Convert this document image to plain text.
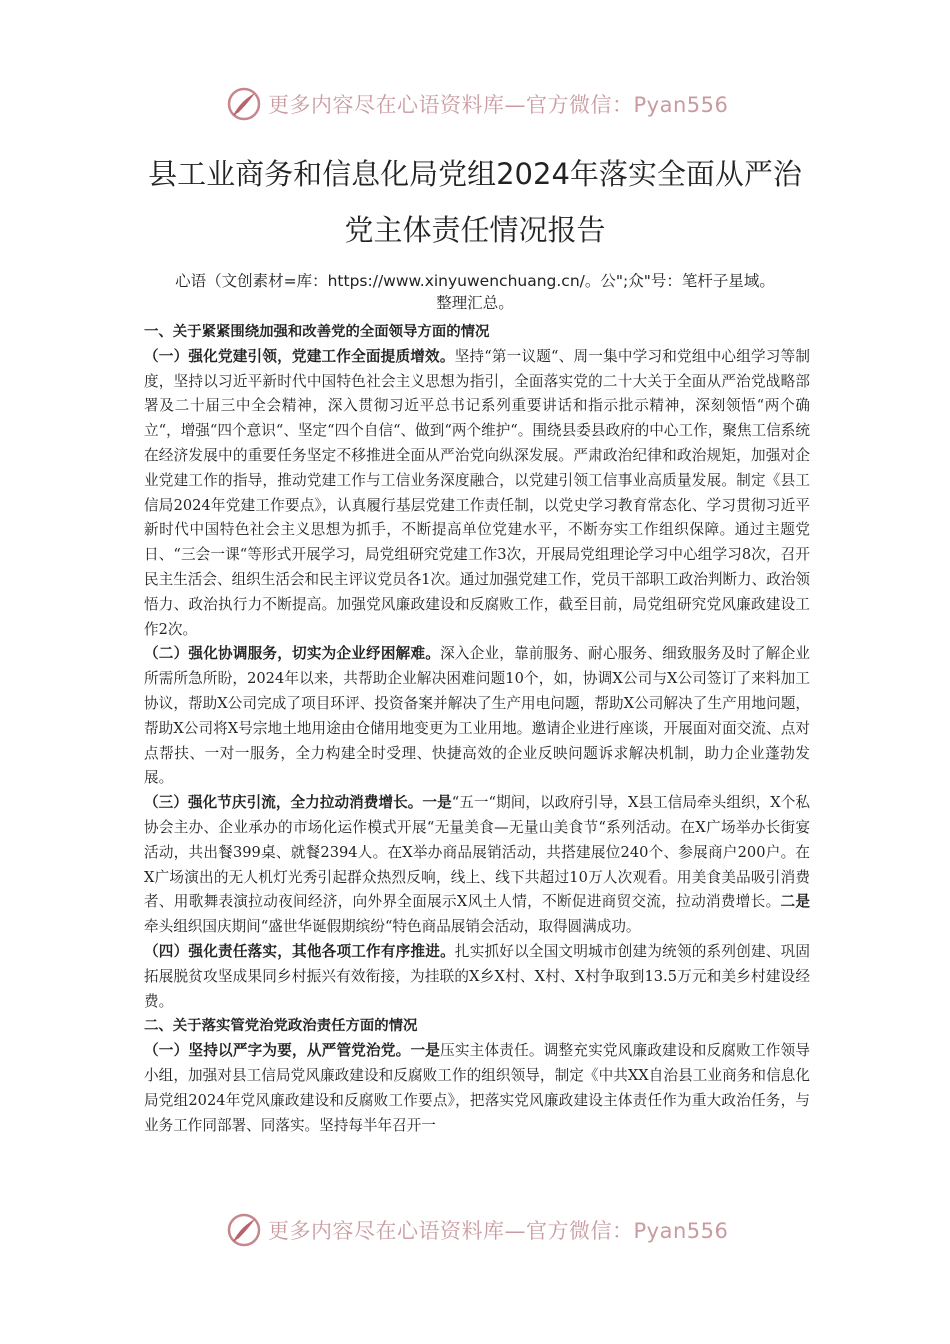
更多内容尽在心语资料库—官方微信：Pyan556
县工业商务和信息化局党组2024年落实全面从严治
党主体责任情况报告
心语（文创素材=库：https://www.xinyuwenchuang.cn/。公";众"号：笔杆子星域。
整理汇总。

一、关于紧紧围绕加强和改善党的全面领导方面的情况

（一）强化党建引领，党建工作全面提质增效。坚持“第一议题“、周一集中学习和党组中心组学习等制度，坚持以习近平新时代中国特色社会主义思想为指引，全面落实党的二十大关于全面从严治党战略部署及二十届三中全会精神，深入贯彻习近平总书记系列重要讲话和指示批示精神，深刻领悟“两个确立“，增强“四个意识“、坚定“四个自信“、做到“两个维护“。围绕县委县政府的中心工作，聚焦工信系统在经济发展中的重要任务坚定不移推进全面从严治党向纵深发展。严肃政治纪律和政治规矩，加强对企业党建工作的指导，推动党建工作与工信业务深度融合，以党建引领工信事业高质量发展。制定《县工信局2024年党建工作要点》，认真履行基层党建工作责任制，以党史学习教育常态化、学习贯彻习近平新时代中国特色社会主义思想为抓手，不断提高单位党建水平，不断夯实工作组织保障。通过主题党日、“三会一课“等形式开展学习，局党组研究党建工作3次，开展局党组理论学习中心组学习8次，召开民主生活会、组织生活会和民主评议党员各1次。通过加强党建工作，党员干部职工政治判断力、政治领悟力、政治执行力不断提高。加强党风廉政建设和反腐败工作，截至目前，局党组研究党风廉政建设工作2次。

（二）强化协调服务，切实为企业纾困解难。深入企业，靠前服务、耐心服务、细致服务及时了解企业所需所急所盼，2024年以来，共帮助企业解决困难问题10个，如，协调X公司与X公司签订了来料加工协议，帮助X公司完成了项目环评、投资备案并解决了生产用电问题，帮助X公司解决了生产用地问题，帮助X公司将X号宗地土地用途由仓储用地变更为工业用地。邀请企业进行座谈，开展面对面交流、点对点帮扶、一对一服务，全力构建全时受理、快捷高效的企业反映问题诉求解决机制，助力企业蓬勃发展。

（三）强化节庆引流，全力拉动消费增长。一是“五一“期间，以政府引导，X县工信局牵头组织，X个私协会主办、企业承办的市场化运作模式开展“无量美食—无量山美食节“系列活动。在X广场举办长街宴活动，共出餐399桌、就餐2394人。在X举办商品展销活动，共搭建展位240个、参展商户200户。在X广场演出的无人机灯光秀引起群众热烈反响，线上、线下共超过10万人次观看。用美食美品吸引消费者、用歌舞表演拉动夜间经济，向外界全面展示X风土人情，不断促进商贸交流，拉动消费增长。二是牵头组织国庆期间“盛世华诞假期缤纷“特色商品展销会活动，取得圆满成功。

（四）强化责任落实，其他各项工作有序推进。扎实抓好以全国文明城市创建为统领的系列创建、巩固拓展脱贫攻坚成果同乡村振兴有效衔接，为挂联的X乡X村、X村、X村争取到13.5万元和美乡村建设经费。

二、关于落实管党治党政治责任方面的情况

（一）坚持以严字为要，从严管党治党。一是压实主体责任。调整充实党风廉政建设和反腐败工作领导小组，加强对县工信局党风廉政建设和反腐败工作的组织领导，制定《中共XX自治县工业商务和信息化局党组2024年党风廉政建设和反腐败工作要点》，把落实党风廉政建设主体责任作为重大政治任务，与业务工作同部署、同落实。坚持每半年召开一

更多内容尽在心语资料库—官方微信：Pyan556
